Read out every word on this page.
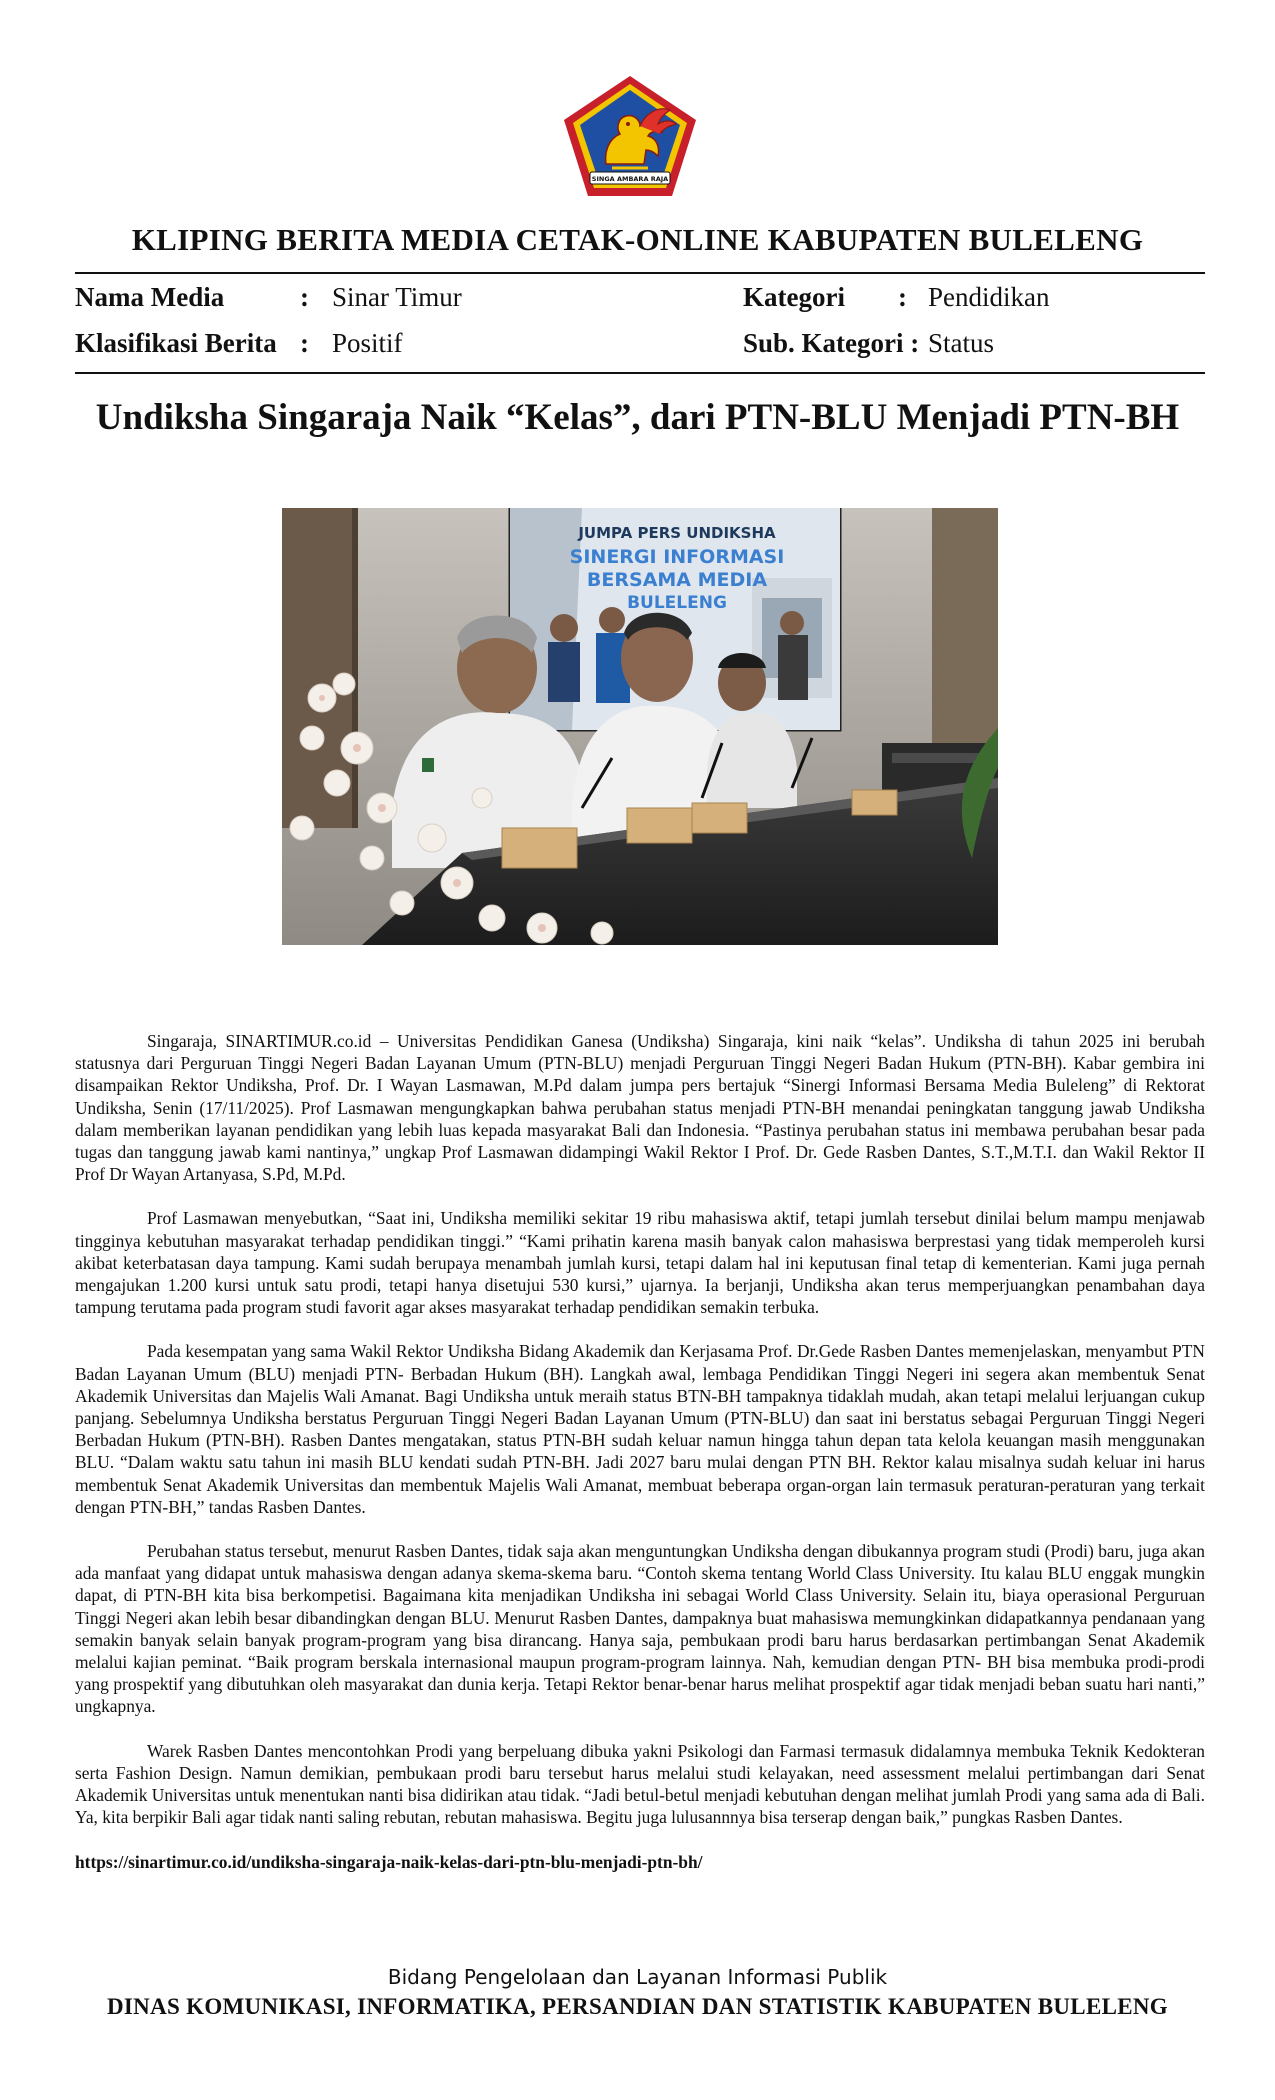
SINGA AMBARA RAJA
KLIPING BERITA MEDIA CETAK-ONLINE KABUPATEN BULELENG
Nama Media	: Sinar Timur
Klasifikasi Berita : Positif
Kategori : Pendidikan
Sub. Kategori : Status
Undiksha Singaraja Naik “Kelas”, dari PTN-BLU Menjadi PTN-BH
JUMPA PERS UNDIKSHA
SINERGI INFORMASI
BERSAMA MEDIA
BULELENG

Singaraja, SINARTIMUR.co.id – Universitas Pendidikan Ganesa (Undiksha) Singaraja, kini naik “kelas”. Undiksha di tahun 2025 ini berubah statusnya dari Perguruan Tinggi Negeri Badan Layanan Umum (PTN-BLU) menjadi Perguruan Tinggi Negeri Badan Hukum (PTN-BH). Kabar gembira ini disampaikan Rektor Undiksha, Prof. Dr. I Wayan Lasmawan, M.Pd dalam jumpa pers bertajuk “Sinergi Informasi Bersama Media Buleleng” di Rektorat Undiksha, Senin (17/11/2025). Prof Lasmawan mengungkapkan bahwa perubahan status menjadi PTN-BH menandai peningkatan tanggung jawab Undiksha dalam memberikan layanan pendidikan yang lebih luas kepada masyarakat Bali dan Indonesia. “Pastinya perubahan status ini membawa perubahan besar pada tugas dan tanggung jawab kami nantinya,” ungkap Prof Lasmawan didampingi Wakil Rektor I Prof. Dr. Gede Rasben Dantes, S.T.,M.T.I. dan Wakil Rektor II Prof Dr Wayan Artanyasa, S.Pd, M.Pd.

Prof Lasmawan menyebutkan, “Saat ini, Undiksha memiliki sekitar 19 ribu mahasiswa aktif, tetapi jumlah tersebut dinilai belum mampu menjawab tingginya kebutuhan masyarakat terhadap pendidikan tinggi.” “Kami prihatin karena masih banyak calon mahasiswa berprestasi yang tidak memperoleh kursi akibat keterbatasan daya tampung. Kami sudah berupaya menambah jumlah kursi, tetapi dalam hal ini keputusan final tetap di kementerian. Kami juga pernah mengajukan 1.200 kursi untuk satu prodi, tetapi hanya disetujui 530 kursi,” ujarnya. Ia berjanji, Undiksha akan terus memperjuangkan penambahan daya tampung terutama pada program studi favorit agar akses masyarakat terhadap pendidikan semakin terbuka.

Pada kesempatan yang sama Wakil Rektor Undiksha Bidang Akademik dan Kerjasama Prof. Dr.Gede Rasben Dantes memenjelaskan, menyambut PTN Badan Layanan Umum (BLU) menjadi PTN- Berbadan Hukum (BH). Langkah awal, lembaga Pendidikan Tinggi Negeri ini segera akan membentuk Senat Akademik Universitas dan Majelis Wali Amanat. Bagi Undiksha untuk meraih status BTN-BH tampaknya tidaklah mudah, akan tetapi melalui lerjuangan cukup panjang. Sebelumnya Undiksha berstatus Perguruan Tinggi Negeri Badan Layanan Umum (PTN-BLU) dan saat ini berstatus sebagai Perguruan Tinggi Negeri Berbadan Hukum (PTN-BH). Rasben Dantes mengatakan, status PTN-BH sudah keluar namun hingga tahun depan tata kelola keuangan masih menggunakan BLU. “Dalam waktu satu tahun ini masih BLU kendati sudah PTN-BH. Jadi 2027 baru mulai dengan PTN BH. Rektor kalau misalnya sudah keluar ini harus membentuk Senat Akademik Universitas dan membentuk Majelis Wali Amanat, membuat beberapa organ-organ lain termasuk peraturan-peraturan yang terkait dengan PTN-BH,” tandas Rasben Dantes.

Perubahan status tersebut, menurut Rasben Dantes, tidak saja akan menguntungkan Undiksha dengan dibukannya program studi (Prodi) baru, juga akan ada manfaat yang didapat untuk mahasiswa dengan adanya skema-skema baru. “Contoh skema tentang World Class University. Itu kalau BLU enggak mungkin dapat, di PTN-BH kita bisa berkompetisi. Bagaimana kita menjadikan Undiksha ini sebagai World Class University. Selain itu, biaya operasional Perguruan Tinggi Negeri akan lebih besar dibandingkan dengan BLU. Menurut Rasben Dantes, dampaknya buat mahasiswa memungkinkan didapatkannya pendanaan yang semakin banyak selain banyak program-program yang bisa dirancang. Hanya saja, pembukaan prodi baru harus berdasarkan pertimbangan Senat Akademik melalui kajian peminat. “Baik program berskala internasional maupun program-program lainnya. Nah, kemudian dengan PTN- BH bisa membuka prodi-prodi yang prospektif yang dibutuhkan oleh masyarakat dan dunia kerja. Tetapi Rektor benar-benar harus melihat prospektif agar tidak menjadi beban suatu hari nanti,” ungkapnya.

Warek Rasben Dantes mencontohkan Prodi yang berpeluang dibuka yakni Psikologi dan Farmasi termasuk didalamnya membuka Teknik Kedokteran serta Fashion Design. Namun demikian, pembukaan prodi baru tersebut harus melalui studi kelayakan, need assessment melalui pertimbangan dari Senat Akademik Universitas untuk menentukan nanti bisa didirikan atau tidak. “Jadi betul-betul menjadi kebutuhan dengan melihat jumlah Prodi yang sama ada di Bali. Ya, kita berpikir Bali agar tidak nanti saling rebutan, rebutan mahasiswa. Begitu juga lulusannnya bisa terserap dengan baik,” pungkas Rasben Dantes.

https://sinartimur.co.id/undiksha-singaraja-naik-kelas-dari-ptn-blu-menjadi-ptn-bh/

Bidang Pengelolaan dan Layanan Informasi Publik
DINAS KOMUNIKASI, INFORMATIKA, PERSANDIAN DAN STATISTIK KABUPATEN BULELENG
